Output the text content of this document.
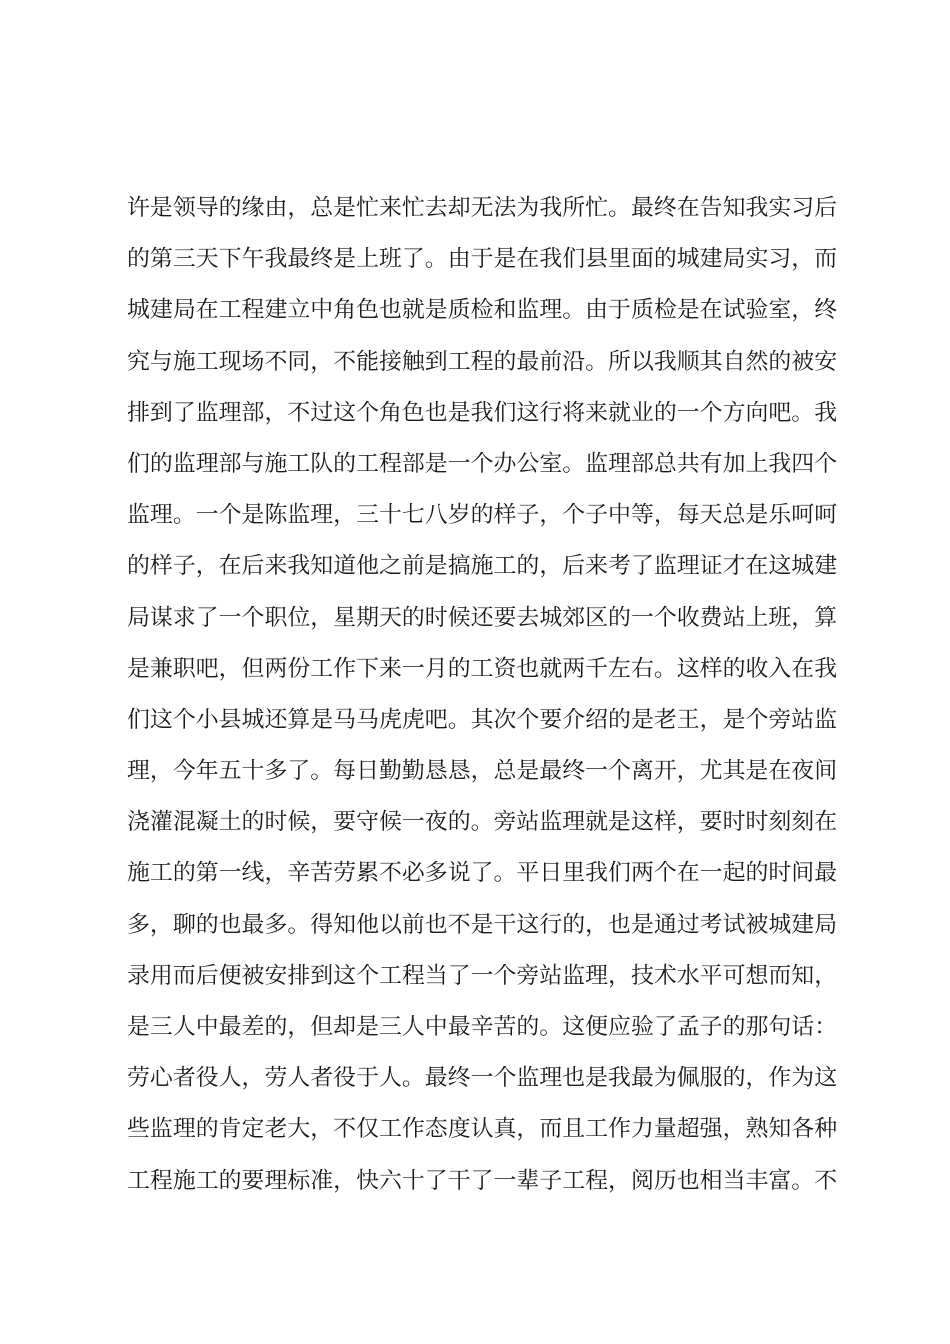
许是领导的缘由，总是忙来忙去却无法为我所忙。最终在告知我实习后
的第三天下午我最终是上班了。由于是在我们县里面的城建局实习，而
城建局在工程建立中角色也就是质检和监理。由于质检是在试验室，终
究与施工现场不同，不能接触到工程的最前沿。所以我顺其自然的被安
排到了监理部，不过这个角色也是我们这行将来就业的一个方向吧。我
们的监理部与施工队的工程部是一个办公室。监理部总共有加上我四个
监理。一个是陈监理，三十七八岁的样子，个子中等，每天总是乐呵呵
的样子，在后来我知道他之前是搞施工的，后来考了监理证才在这城建
局谋求了一个职位，星期天的时候还要去城郊区的一个收费站上班，算
是兼职吧，但两份工作下来一月的工资也就两千左右。这样的收入在我
们这个小县城还算是马马虎虎吧。其次个要介绍的是老王，是个旁站监
理，今年五十多了。每日勤勤恳恳，总是最终一个离开，尤其是在夜间
浇灌混凝土的时候，要守候一夜的。旁站监理就是这样，要时时刻刻在
施工的第一线，辛苦劳累不必多说了。平日里我们两个在一起的时间最
多，聊的也最多。得知他以前也不是干这行的，也是通过考试被城建局
录用而后便被安排到这个工程当了一个旁站监理，技术水平可想而知，
是三人中最差的，但却是三人中最辛苦的。这便应验了孟子的那句话：
劳心者役人，劳人者役于人。最终一个监理也是我最为佩服的，作为这
些监理的肯定老大，不仅工作态度认真，而且工作力量超强，熟知各种
工程施工的要理标准，快六十了干了一辈子工程，阅历也相当丰富。不
